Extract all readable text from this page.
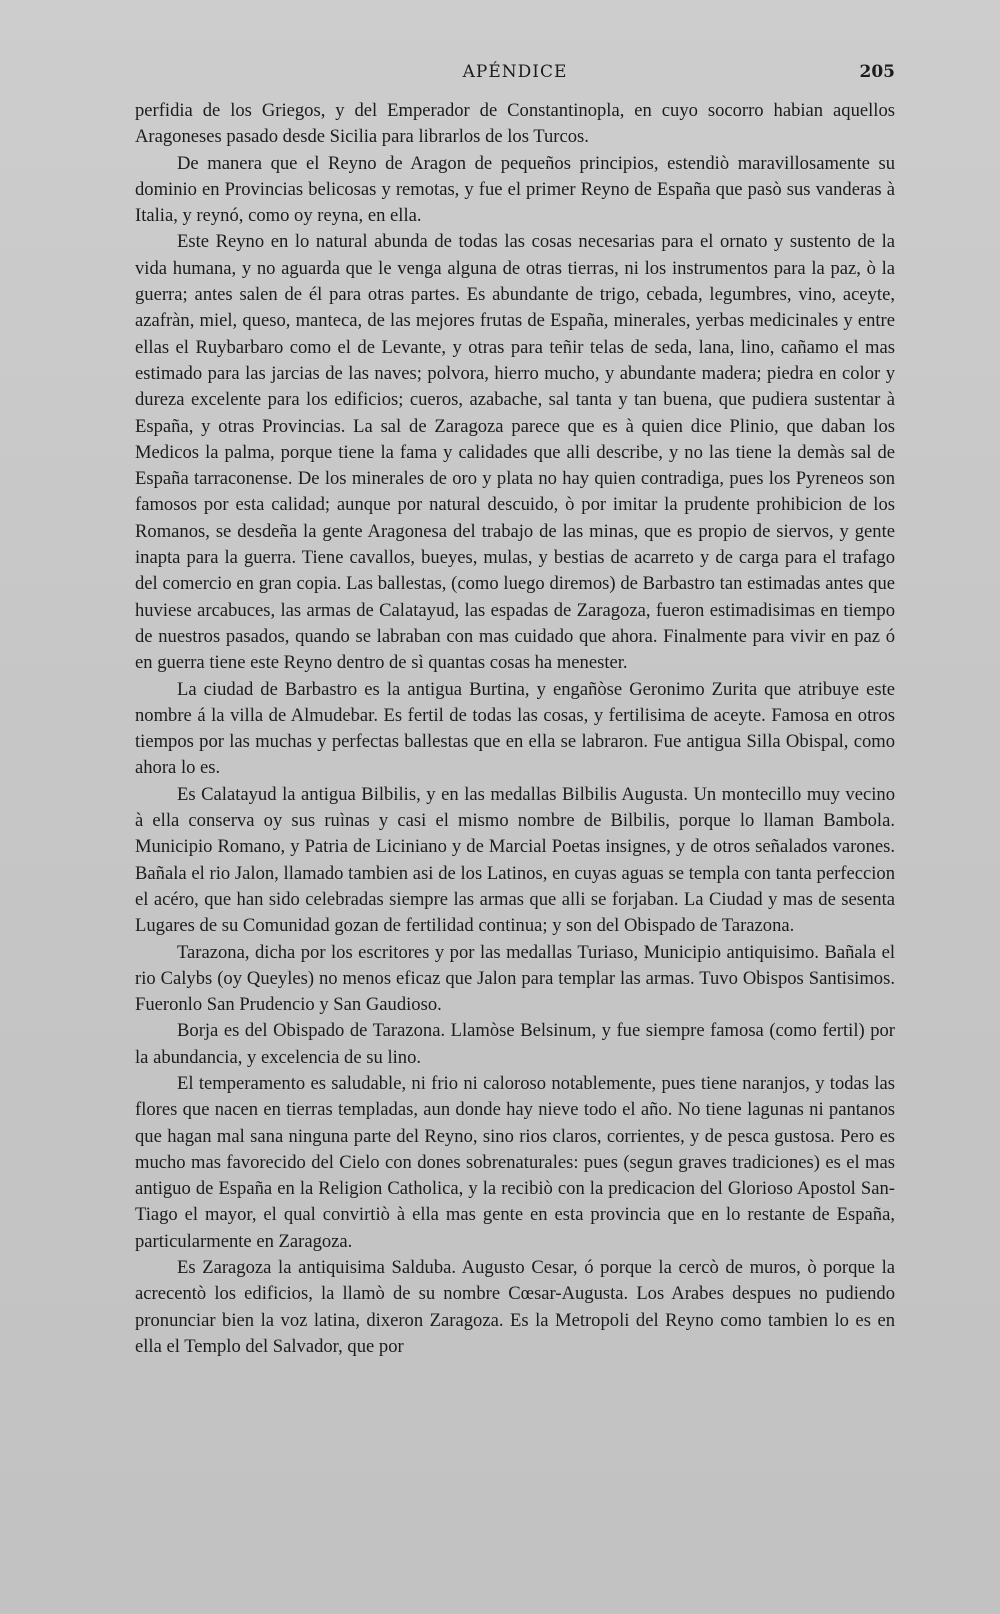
APÉNDICE	205

perfidia de los Griegos, y del Emperador de Constantinopla, en cuyo socorro habian aquellos Aragoneses pasado desde Sicilia para librarlos de los Turcos.

De manera que el Reyno de Aragon de pequeños principios, estendiò maravillosamente su dominio en Provincias belicosas y remotas, y fue el primer Reyno de España que pasò sus vanderas à Italia, y reynó, como oy reyna, en ella.

Este Reyno en lo natural abunda de todas las cosas necesarias para el ornato y sustento de la vida humana, y no aguarda que le venga alguna de otras tierras, ni los instrumentos para la paz, ò la guerra; antes salen de él para otras partes. Es abundante de trigo, cebada, legumbres, vino, aceyte, azafràn, miel, queso, manteca, de las mejores frutas de España, minerales, yerbas medicinales y entre ellas el Ruybarbaro como el de Levante, y otras para teñir telas de seda, lana, lino, cañamo el mas estimado para las jarcias de las naves; polvora, hierro mucho, y abundante madera; piedra en color y dureza excelente para los edificios; cueros, azabache, sal tanta y tan buena, que pudiera sustentar à España, y otras Provincias. La sal de Zaragoza parece que es à quien dice Plinio, que daban los Medicos la palma, porque tiene la fama y calidades que alli describe, y no las tiene la demàs sal de España tarraconense. De los minerales de oro y plata no hay quien contradiga, pues los Pyreneos son famosos por esta calidad; aunque por natural descuido, ò por imitar la prudente prohibicion de los Romanos, se desdeña la gente Aragonesa del trabajo de las minas, que es propio de siervos, y gente inapta para la guerra. Tiene cavallos, bueyes, mulas, y bestias de acarreto y de carga para el trafago del comercio en gran copia. Las ballestas, (como luego diremos) de Barbastro tan estimadas antes que huviese arcabuces, las armas de Calatayud, las espadas de Zaragoza, fueron estimadisimas en tiempo de nuestros pasados, quando se labraban con mas cuidado que ahora. Finalmente para vivir en paz ó en guerra tiene este Reyno dentro de sì quantas cosas ha menester.

La ciudad de Barbastro es la antigua Burtina, y engañòse Geronimo Zurita que atribuye este nombre á la villa de Almudebar. Es fertil de todas las cosas, y fertilisima de aceyte. Famosa en otros tiempos por las muchas y perfectas ballestas que en ella se labraron. Fue antigua Silla Obispal, como ahora lo es.

Es Calatayud la antigua Bilbilis, y en las medallas Bilbilis Augusta. Un montecillo muy vecino à ella conserva oy sus ruìnas y casi el mismo nombre de Bilbilis, porque lo llaman Bambola. Municipio Romano, y Patria de Liciniano y de Marcial Poetas insignes, y de otros señalados varones. Bañala el rio Jalon, llamado tambien asi de los Latinos, en cuyas aguas se templa con tanta perfeccion el acéro, que han sido celebradas siempre las armas que alli se forjaban. La Ciudad y mas de sesenta Lugares de su Comunidad gozan de fertilidad continua; y son del Obispado de Tarazona.

Tarazona, dicha por los escritores y por las medallas Turiaso, Municipio antiquisimo. Bañala el rio Calybs (oy Queyles) no menos eficaz que Jalon para templar las armas. Tuvo Obispos Santisimos. Fueronlo San Prudencio y San Gaudioso.

Borja es del Obispado de Tarazona. Llamòse Belsinum, y fue siempre famosa (como fertil) por la abundancia, y excelencia de su lino.

El temperamento es saludable, ni frio ni caloroso notablemente, pues tiene naranjos, y todas las flores que nacen en tierras templadas, aun donde hay nieve todo el año. No tiene lagunas ni pantanos que hagan mal sana ninguna parte del Reyno, sino rios claros, corrientes, y de pesca gustosa. Pero es mucho mas favorecido del Cielo con dones sobrenaturales: pues (segun graves tradiciones) es el mas antiguo de España en la Religion Catholica, y la recibiò con la predicacion del Glorioso Apostol San-Tiago el mayor, el qual convirtiò à ella mas gente en esta provincia que en lo restante de España, particularmente en Zaragoza.

Es Zaragoza la antiquisima Salduba. Augusto Cesar, ó porque la cercò de muros, ò porque la acrecentò los edificios, la llamò de su nombre Cœsar-Augusta. Los Arabes despues no pudiendo pronunciar bien la voz latina, dixeron Zaragoza. Es la Metropoli del Reyno como tambien lo es en ella el Templo del Salvador, que por
